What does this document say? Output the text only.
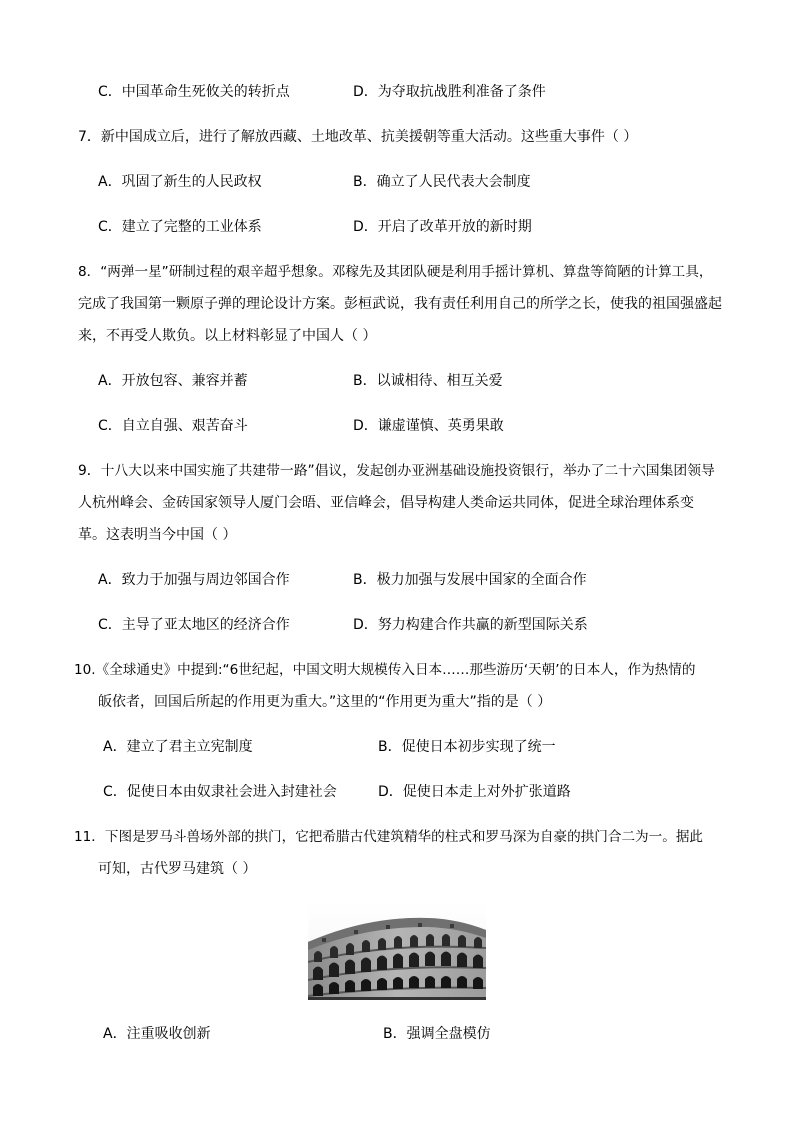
C．中国革命生死攸关的转折点	D．为夺取抗战胜利准备了条件
7．新中国成立后，进行了解放西藏、土地改革、抗美援朝等重大活动。这些重大事件（ ）
A．巩固了新生的人民政权	B．确立了人民代表大会制度
C．建立了完整的工业体系	D．开启了改革开放的新时期
8．“两弹一星”研制过程的艰辛超乎想象。邓稼先及其团队硬是利用手摇计算机、算盘等简陋的计算工具，
完成了我国第一颗原子弹的理论设计方案。彭桓武说，我有责任利用自己的所学之长，使我的祖国强盛起
来，不再受人欺负。以上材料彰显了中国人（ ）
A．开放包容、兼容并蓄	B．以诚相待、相互关爱
C．自立自强、艰苦奋斗	D．谦虚谨慎、英勇果敢
9．十八大以来中国实施了共建带一路”倡议，发起创办亚洲基础设施投资银行，举办了二十六国集团领导
人杭州峰会、金砖国家领导人厦门会晤、亚信峰会，倡导构建人类命运共同体，促进全球治理体系变
革。这表明当今中国（ ）
A．致力于加强与周边邻国合作	B．极力加强与发展中国家的全面合作
C．主导了亚太地区的经济合作	D．努力构建合作共赢的新型国际关系
10.《全球通史》中提到:“6世纪起，中国文明大规模传入日本……那些游历‘天朝’的日本人，作为热情的
皈依者，回国后所起的作用更为重大。”这里的“作用更为重大”指的是（ ）
A．建立了君主立宪制度	B．促使日本初步实现了统一
C．促使日本由奴隶社会进入封建社会	D．促使日本走上对外扩张道路
11．下图是罗马斗兽场外部的拱门，它把希腊古代建筑精华的柱式和罗马深为自豪的拱门合二为一。据此
可知，古代罗马建筑（ ）
A．注重吸收创新	B．强调全盘模仿
